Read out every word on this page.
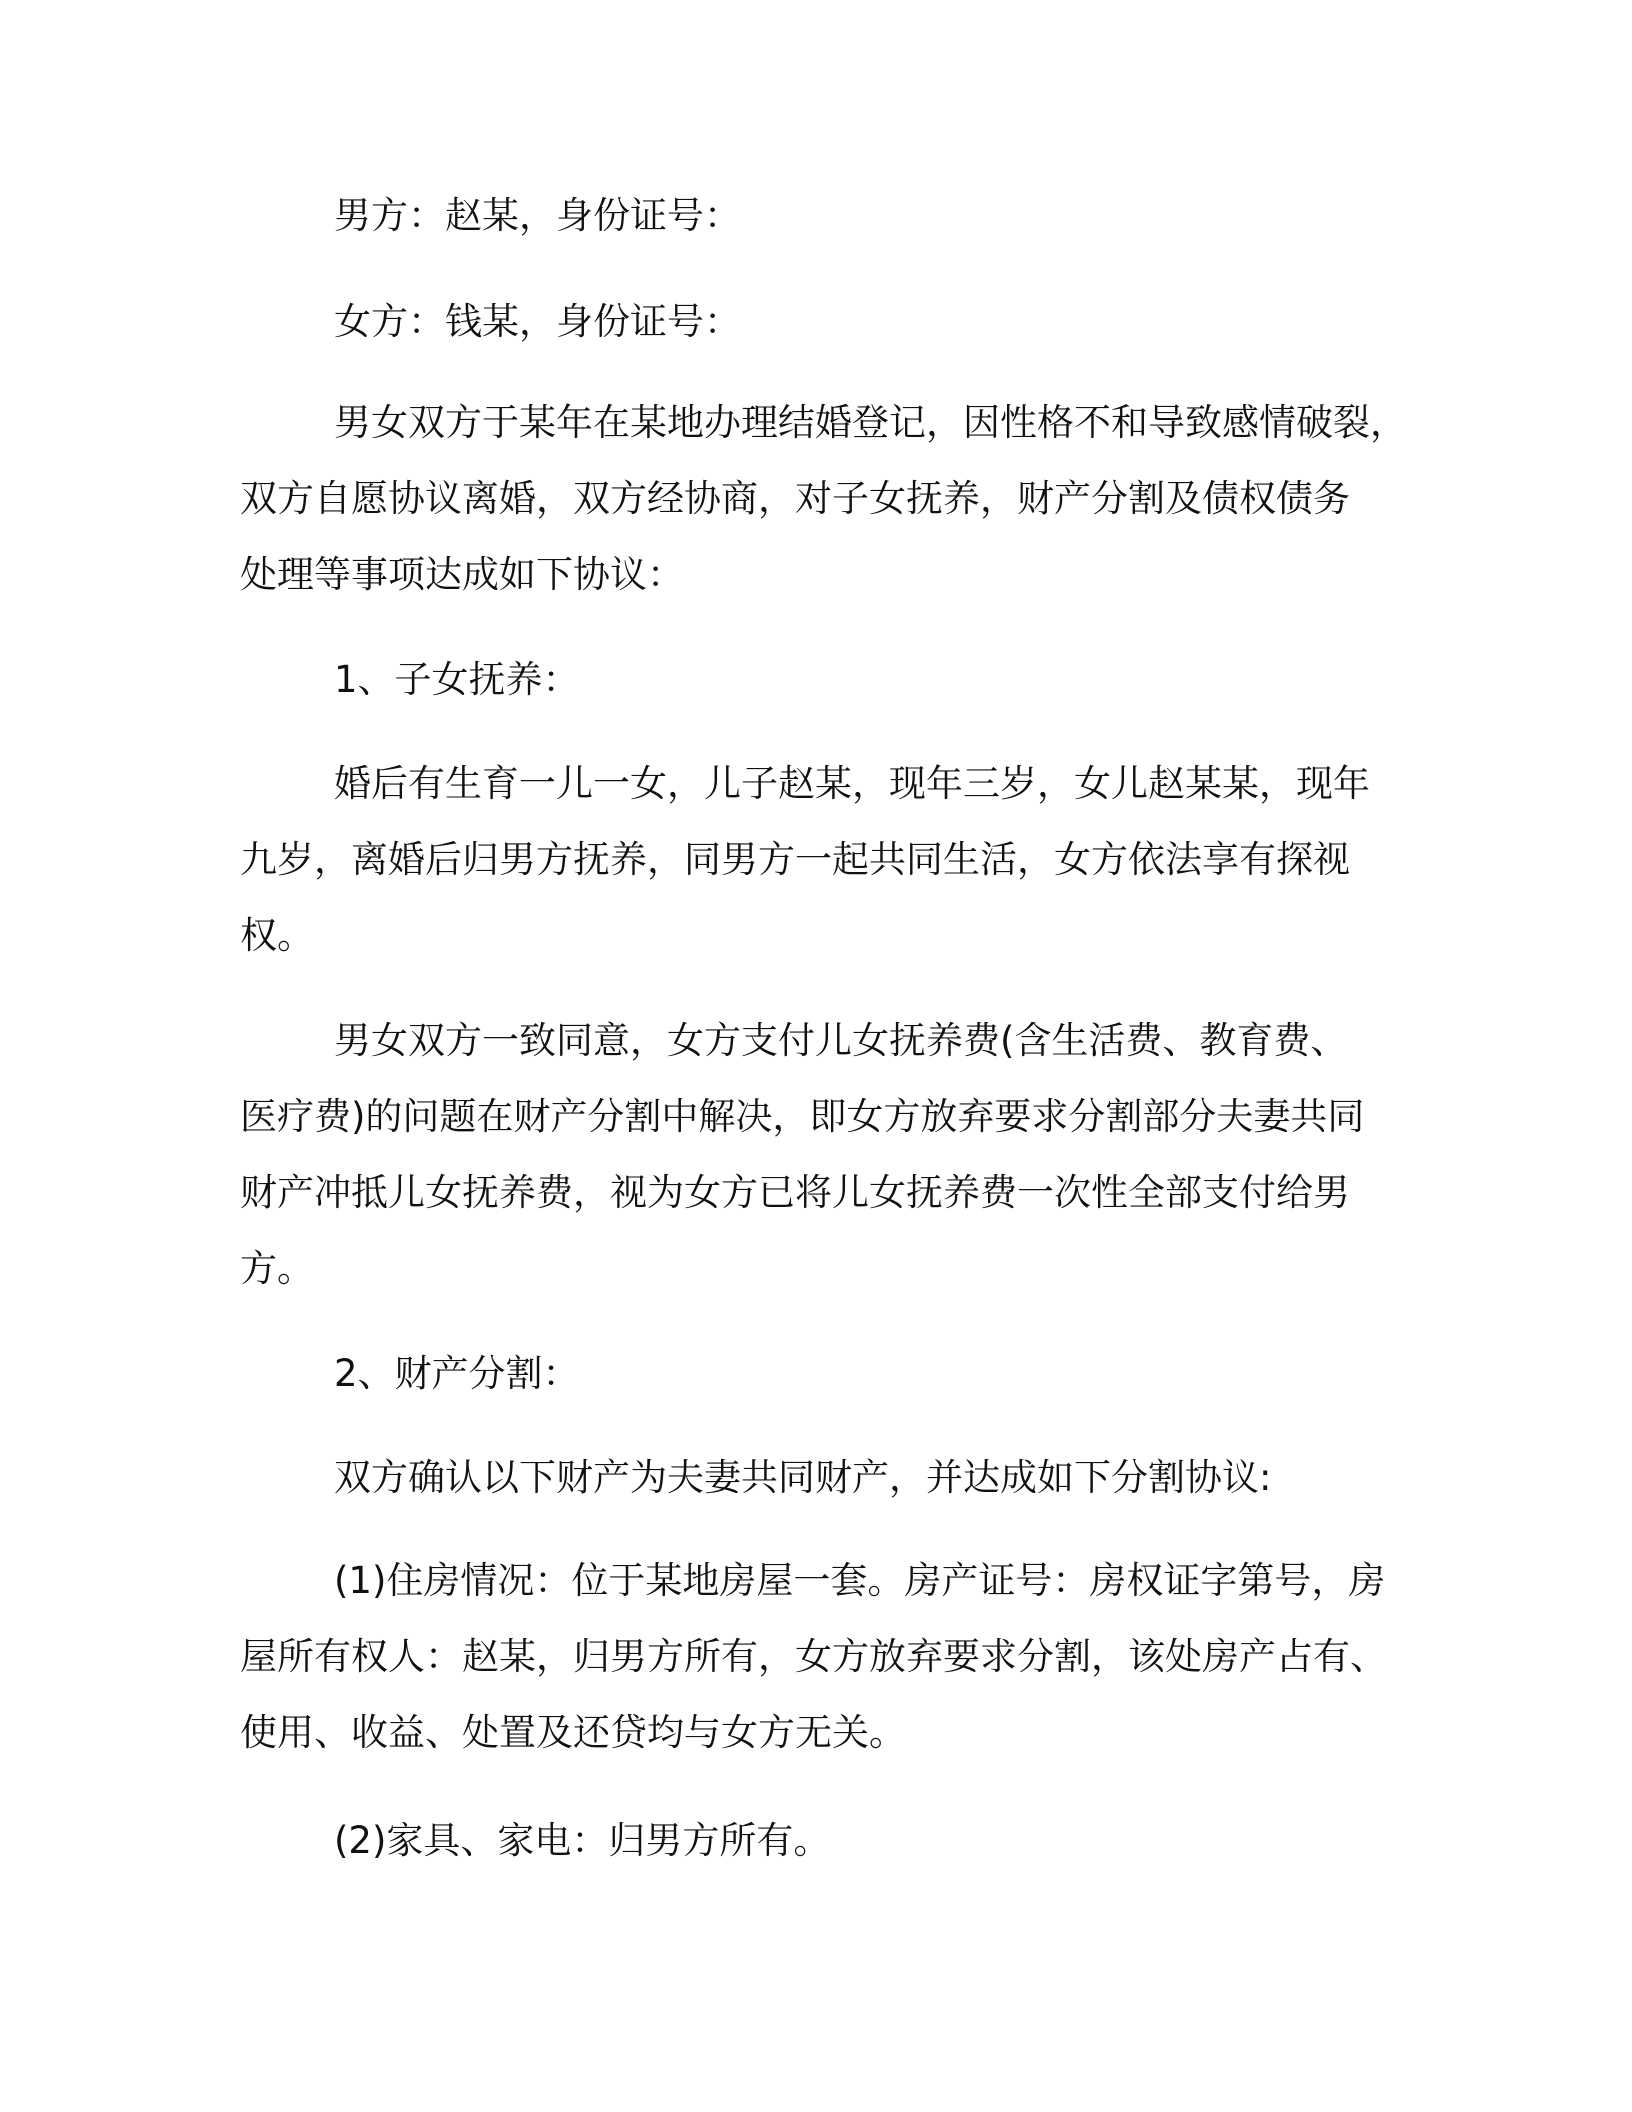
男方：赵某，身份证号：
女方：钱某，身份证号：
男女双方于某年在某地办理结婚登记，因性格不和导致感情破裂，
双方自愿协议离婚，双方经协商，对子女抚养，财产分割及债权债务
处理等事项达成如下协议：
1、子女抚养：
婚后有生育一儿一女，儿子赵某，现年三岁，女儿赵某某，现年
九岁，离婚后归男方抚养，同男方一起共同生活，女方依法享有探视
权。
男女双方一致同意，女方支付儿女抚养费(含生活费、教育费、
医疗费)的问题在财产分割中解决，即女方放弃要求分割部分夫妻共同
财产冲抵儿女抚养费，视为女方已将儿女抚养费一次性全部支付给男
方。
2、财产分割：
双方确认以下财产为夫妻共同财产，并达成如下分割协议:
(1)住房情况：位于某地房屋一套。房产证号：房权证字第号，房
屋所有权人：赵某，归男方所有，女方放弃要求分割，该处房产占有、
使用、收益、处置及还贷均与女方无关。
(2)家具、家电：归男方所有。
